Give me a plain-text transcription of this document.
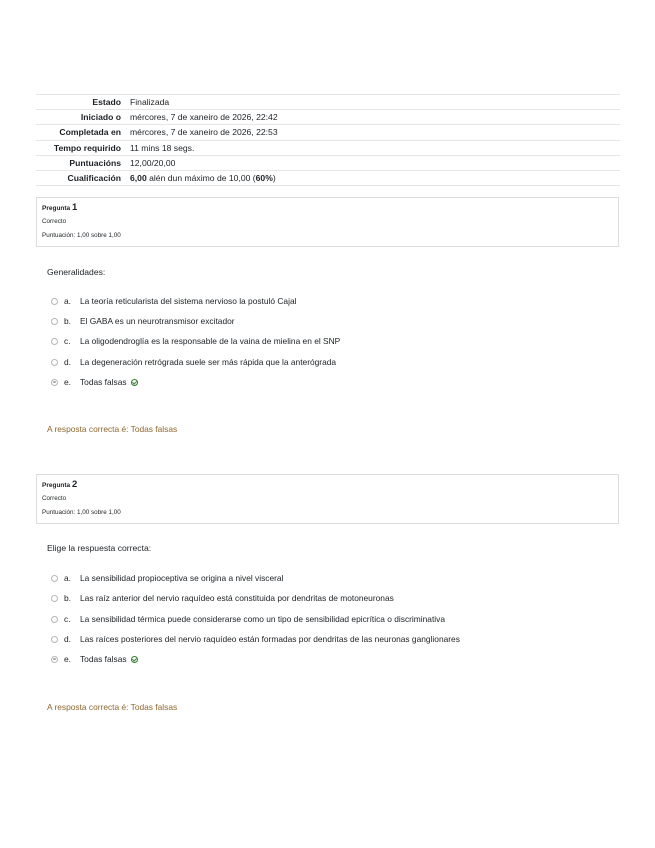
Estado	Finalizada
Iniciado o	mércores, 7 de xaneiro de 2026, 22:42
Completada en	mércores, 7 de xaneiro de 2026, 22:53
Tempo requirido	11 mins 18 segs.
Puntuacións	12,00/20,00
Cualificación	6,00 alén dun máximo de 10,00 (60%)
Pregunta 1
Correcto
Puntuación: 1,00 sobre 1,00
Generalidades:
a.	La teoría reticularista del sistema nervioso la postuló Cajal
b.	El GABA es un neurotransmisor excitador
c.	La oligodendroglía es la responsable de la vaina de mielina en el SNP
d.	La degeneración retrógrada suele ser más rápida que la anterógrada
e.	Todas falsas
A resposta correcta é: Todas falsas
Pregunta 2
Correcto
Puntuación: 1,00 sobre 1,00
Elige la respuesta correcta:
a.	La sensibilidad propioceptiva se origina a nivel visceral
b.	Las raíz anterior del nervio raquídeo está constituida por dendritas de motoneuronas
c.	La sensibilidad térmica puede considerarse como un tipo de sensibilidad epicrítica o discriminativa
d.	Las raíces posteriores del nervio raquídeo están formadas por dendritas de las neuronas ganglionares
e.	Todas falsas
A resposta correcta é: Todas falsas
